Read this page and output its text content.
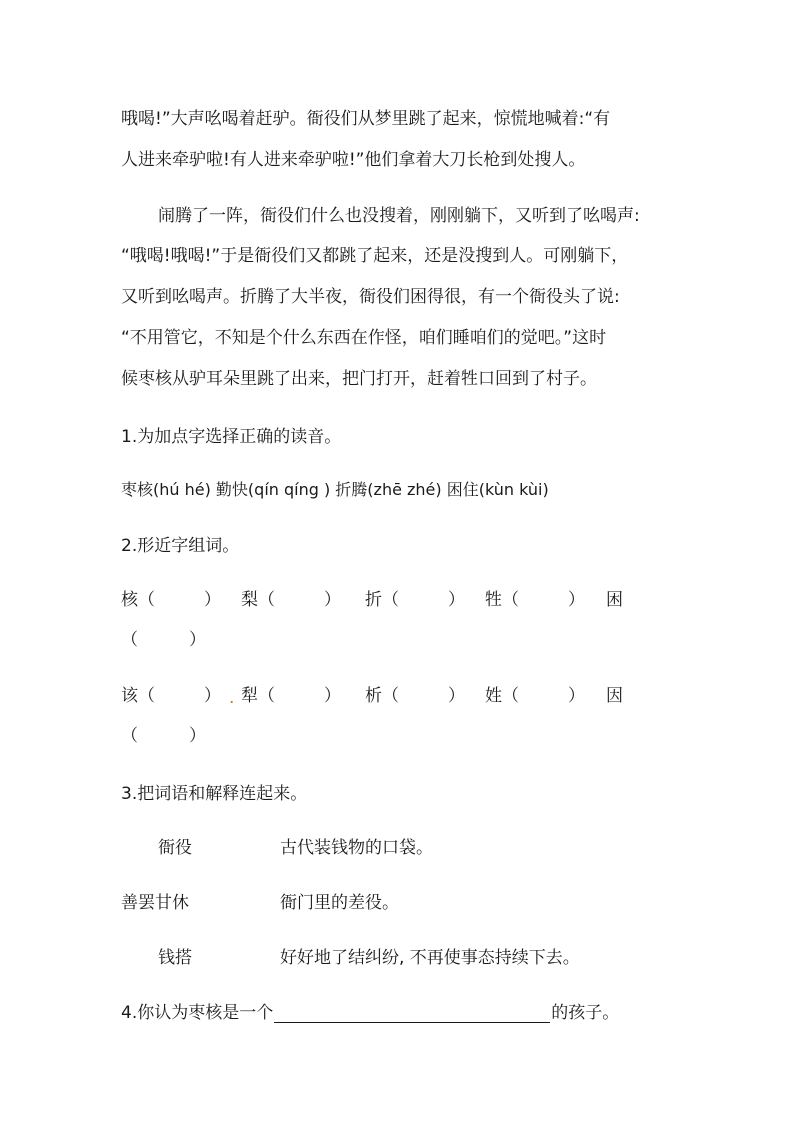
哦喝!”大声吆喝着赶驴。衙役们从梦里跳了起来，惊慌地喊着:“有
人进来牵驴啦!有人进来牵驴啦!”他们拿着大刀长枪到处搜人。
闹腾了一阵，衙役们什么也没搜着，刚刚躺下，又听到了吆喝声:
“哦喝!哦喝!”于是衙役们又都跳了起来，还是没搜到人。可刚躺下，
又听到吆喝声。折腾了大半夜，衙役们困得很，有一个衙役头了说:
“不用管它，不知是个什么东西在作怪，咱们睡咱们的觉吧。”这时
候枣核从驴耳朵里跳了出来，把门打开，赶着牲口回到了村子。
1.为加点字选择正确的读音。
枣核(hú hé) 勤快(qín qíng ) 折腾(zhē zhé) 困住(kùn kùi)
2.形近字组词。
核（	） 梨（	） 折（	） 牲（	） 困
（　　　）
该（	） . 犁（	） 析（	） 姓（	） 因
（　　　）
3.把词语和解释连起来。
衙役	古代装钱物的口袋。
善罢甘休	衙门里的差役。
钱搭	好好地了结纠纷, 不再使事态持续下去。
4.你认为枣核是一个	的孩子。
